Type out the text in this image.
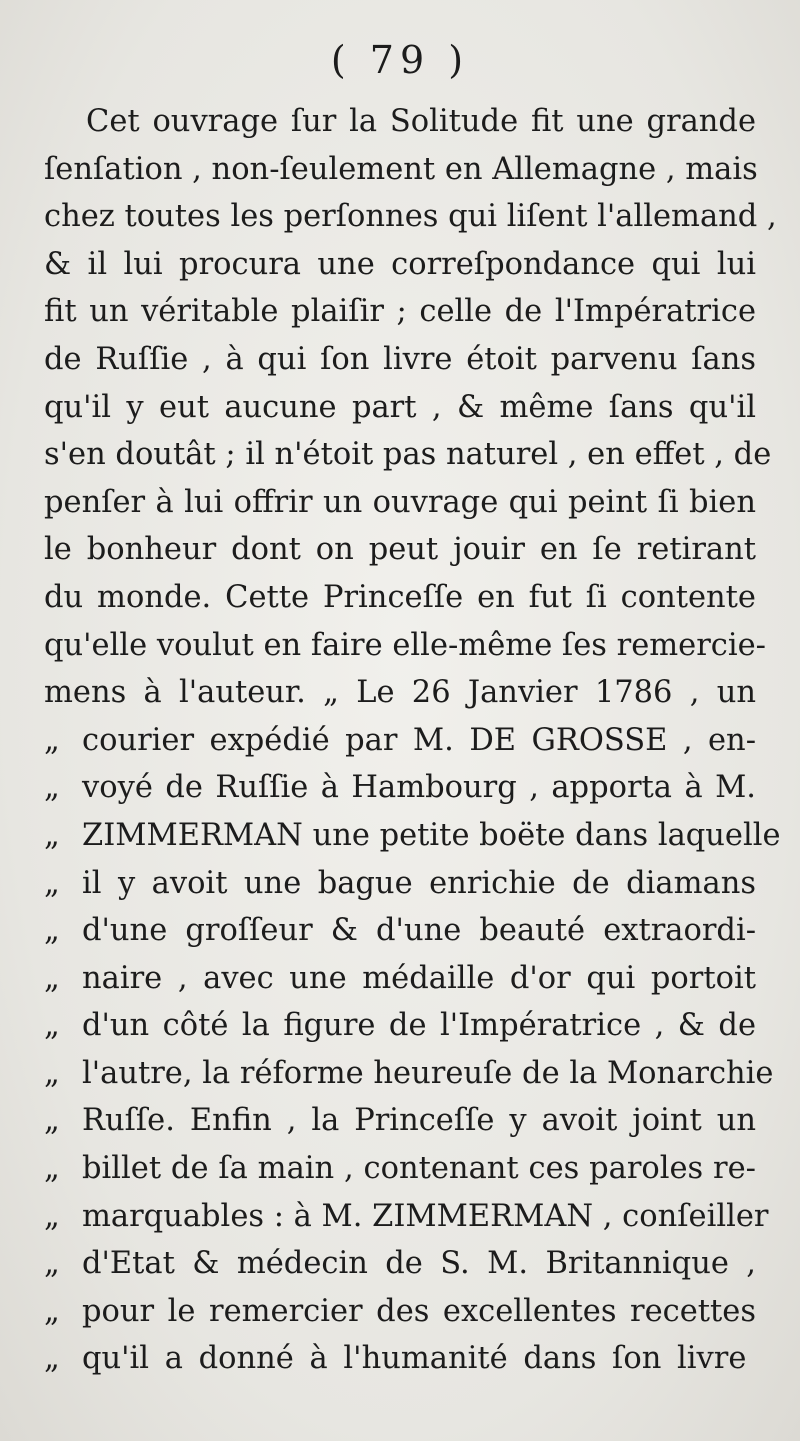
( 79 )
Cet ouvrage ſur la Solitude fit une grande
ſenſation , non-ſeulement en Allemagne , mais
chez toutes les perſonnes qui liſent l'allemand ,
& il lui procura une correſpondance qui lui
fit un véritable plaiſir ; celle de l'Impératrice
de Ruſſie , à qui ſon livre étoit parvenu ſans
qu'il y eut aucune part , & même ſans qu'il
s'en doutât ; il n'étoit pas naturel , en effet , de
penſer à lui offrir un ouvrage qui peint ſi bien
le bonheur dont on peut jouir en ſe retirant
du monde. Cette Princeſſe en fut ſi contente
qu'elle voulut en faire elle-même ſes remercie-
mens à l'auteur. „ Le 26 Janvier 1786 , un
„ courier expédié par M. DE GROSSE , en-
„ voyé de Ruſſie à Hambourg , apporta à M.
„ ZIMMERMAN une petite boëte dans laquelle
„ il y avoit une bague enrichie de diamans
„ d'une groſſeur & d'une beauté extraordi-
„ naire , avec une médaille d'or qui portoit
„ d'un côté la figure de l'Impératrice , & de
„ l'autre, la réforme heureuſe de la Monarchie
„ Ruſſe. Enfin , la Princeſſe y avoit joint un
„ billet de ſa main , contenant ces paroles re-
„ marquables : à M. ZIMMERMAN , conſeiller
„ d'Etat & médecin de S. M. Britannique ,
„ pour le remercier des excellentes recettes
„ qu'il a donné à l'humanité dans ſon livre
